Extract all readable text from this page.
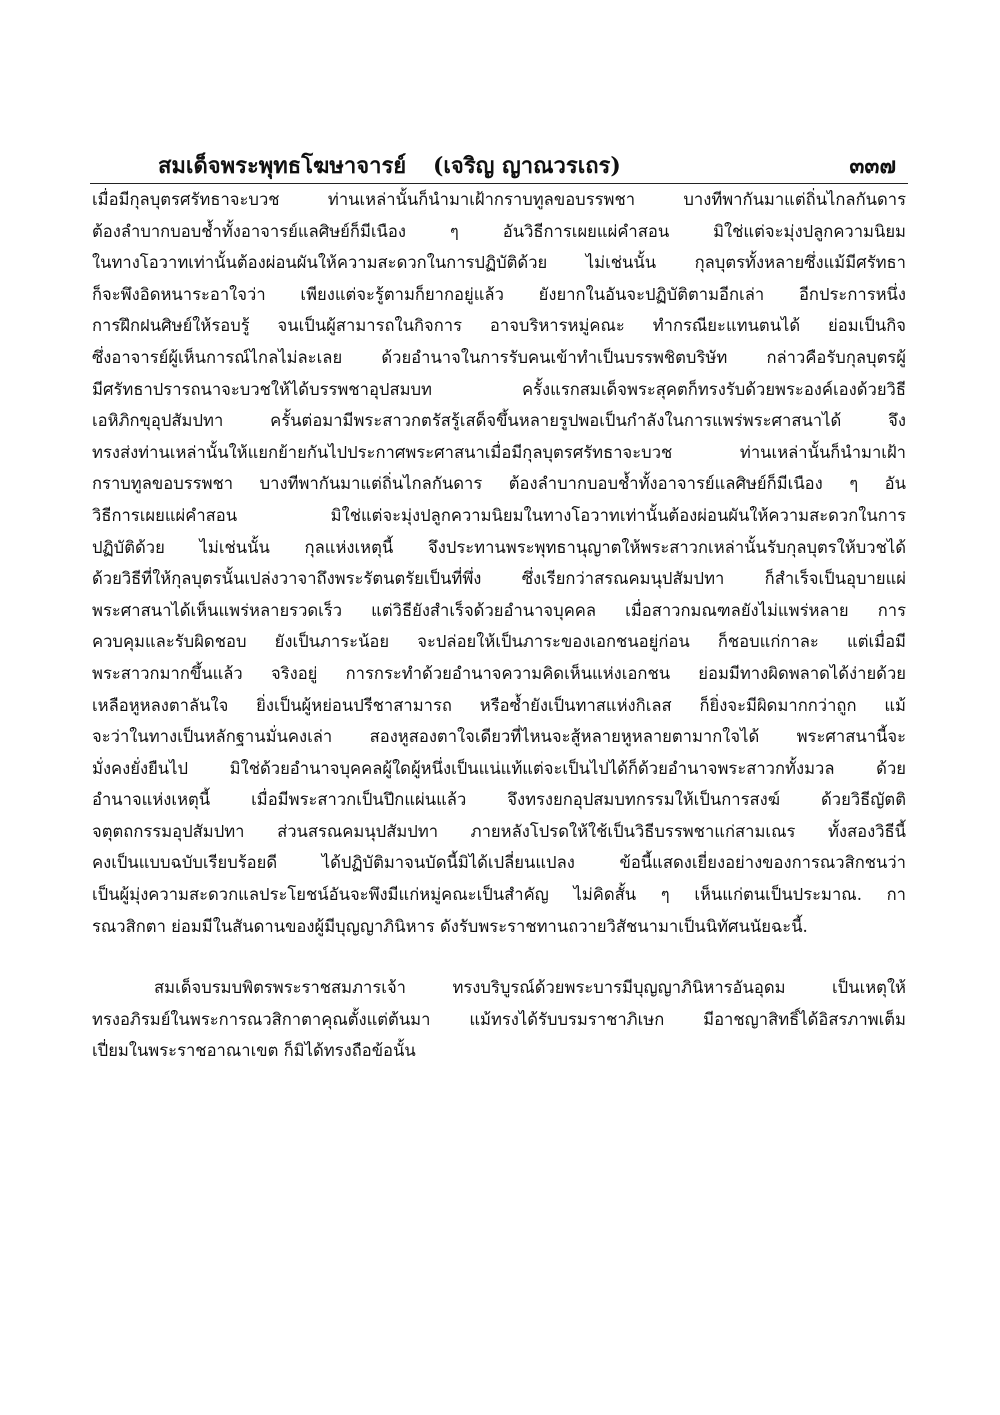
สมเด็จพระพุทธโฆษาจารย์ (เจริญ ญาณวรเถร)	๓๓๗
เมื่อมีกุลบุตรศรัทธาจะบวช ท่านเหล่านั้นก็นำมาเฝ้ากราบทูลขอบรรพชา บางทีพากันมาแต่ถิ่นไกลกันดาร
ต้องลำบากบอบช้ำทั้งอาจารย์แลศิษย์ก็มีเนือง ๆ อันวิธีการเผยแผ่คำสอน มิใช่แต่จะมุ่งปลูกความนิยม
ในทางโอวาทเท่านั้นต้องผ่อนผันให้ความสะดวกในการปฏิบัติด้วย ไม่เช่นนั้น กุลบุตรทั้งหลายซึ่งแม้มีศรัทธา
ก็จะพึงอิดหนาระอาใจว่า เพียงแต่จะรู้ตามก็ยากอยู่แล้ว ยังยากในอันจะปฏิบัติตามอีกเล่า อีกประการหนึ่ง
การฝึกฝนศิษย์ให้รอบรู้ จนเป็นผู้สามารถในกิจการ อาจบริหารหมู่คณะ ทำกรณียะแทนตนได้ ย่อมเป็นกิจ
ซึ่งอาจารย์ผู้เห็นการณ์ไกลไม่ละเลย ด้วยอำนาจในการรับคนเข้าทำเป็นบรรพชิตบริษัท กล่าวคือรับกุลบุตรผู้
มีศรัทธาปรารถนาจะบวชให้ได้บรรพชาอุปสมบท ครั้งแรกสมเด็จพระสุคตก็ทรงรับด้วยพระองค์เองด้วยวิธี
เอหิภิกขุอุปสัมปทา ครั้นต่อมามีพระสาวกตรัสรู้เสด็จขึ้นหลายรูปพอเป็นกำลังในการแพร่พระศาสนาได้ จึง
ทรงส่งท่านเหล่านั้นให้แยกย้ายกันไปประกาศพระศาสนาเมื่อมีกุลบุตรศรัทธาจะบวช ท่านเหล่านั้นก็นำมาเฝ้า
กราบทูลขอบรรพชา บางทีพากันมาแต่ถิ่นไกลกันดาร ต้องลำบากบอบช้ำทั้งอาจารย์แลศิษย์ก็มีเนือง ๆ อัน
วิธีการเผยแผ่คำสอน มิใช่แต่จะมุ่งปลูกความนิยมในทางโอวาทเท่านั้นต้องผ่อนผันให้ความสะดวกในการ
ปฏิบัติด้วย ไม่เช่นนั้น กุลแห่งเหตุนี้ จึงประทานพระพุทธานุญาตให้พระสาวกเหล่านั้นรับกุลบุตรให้บวชได้
ด้วยวิธีที่ให้กุลบุตรนั้นเปล่งวาจาถึงพระรัตนตรัยเป็นที่พึ่ง ซึ่งเรียกว่าสรณคมนุปสัมปทา ก็สำเร็จเป็นอุบายแผ่
พระศาสนาได้เห็นแพร่หลายรวดเร็ว แต่วิธียังสำเร็จด้วยอำนาจบุคคล เมื่อสาวกมณฑลยังไม่แพร่หลาย การ
ควบคุมและรับผิดชอบ ยังเป็นภาระน้อย จะปล่อยให้เป็นภาระของเอกชนอยู่ก่อน ก็ชอบแก่กาละ แต่เมื่อมี
พระสาวกมากขึ้นแล้ว จริงอยู่ การกระทำด้วยอำนาจความคิดเห็นแห่งเอกชน ย่อมมีทางผิดพลาดได้ง่ายด้วย
เหลือหูหลงตาลันใจ ยิ่งเป็นผู้หย่อนปรีชาสามารถ หรือซ้ำยังเป็นทาสแห่งกิเลส ก็ยิ่งจะมีผิดมากกว่าถูก แม้
จะว่าในทางเป็นหลักฐานมั่นคงเล่า สองหูสองตาใจเดียวที่ไหนจะสู้หลายหูหลายตามากใจได้ พระศาสนานี้จะ
มั่งคงยั่งยืนไป มิใช่ด้วยอำนาจบุคคลผู้ใดผู้หนึ่งเป็นแน่แท้แต่จะเป็นไปได้ก็ด้วยอำนาจพระสาวกทั้งมวล ด้วย
อำนาจแห่งเหตุนี้ เมื่อมีพระสาวกเป็นปึกแผ่นแล้ว จึงทรงยกอุปสมบทกรรมให้เป็นการสงฆ์ ด้วยวิธีญัตติ
จตุตถกรรมอุปสัมปทา ส่วนสรณคมนุปสัมปทา ภายหลังโปรดให้ใช้เป็นวิธีบรรพชาแก่สามเณร ทั้งสองวิธีนี้
คงเป็นแบบฉบับเรียบร้อยดี ได้ปฏิบัติมาจนบัดนี้มิได้เปลี่ยนแปลง ข้อนี้แสดงเยี่ยงอย่างของการณวสิกชนว่า
เป็นผู้มุ่งความสะดวกแลประโยชน์อันจะพึงมีแก่หมู่คณะเป็นสำคัญ ไม่คิดสั้น ๆ เห็นแก่ตนเป็นประมาณ. กา
รณวสิกตา ย่อมมีในสันดานของผู้มีบุญญาภินิหาร ดังรับพระราชทานถวายวิสัชนามาเป็นนิทัศนนัยฉะนี้.
สมเด็จบรมบพิตรพระราชสมภารเจ้า ทรงบริบูรณ์ด้วยพระบารมีบุญญาภินิหารอันอุดม เป็นเหตุให้
ทรงอภิรมย์ในพระการณวสิกาตาคุณตั้งแต่ต้นมา แม้ทรงได้รับบรมราชาภิเษก มีอาชญาสิทธิ์ได้อิสรภาพเต็ม
เปี่ยมในพระราชอาณาเขต ก็มิได้ทรงถือข้อนั้น
